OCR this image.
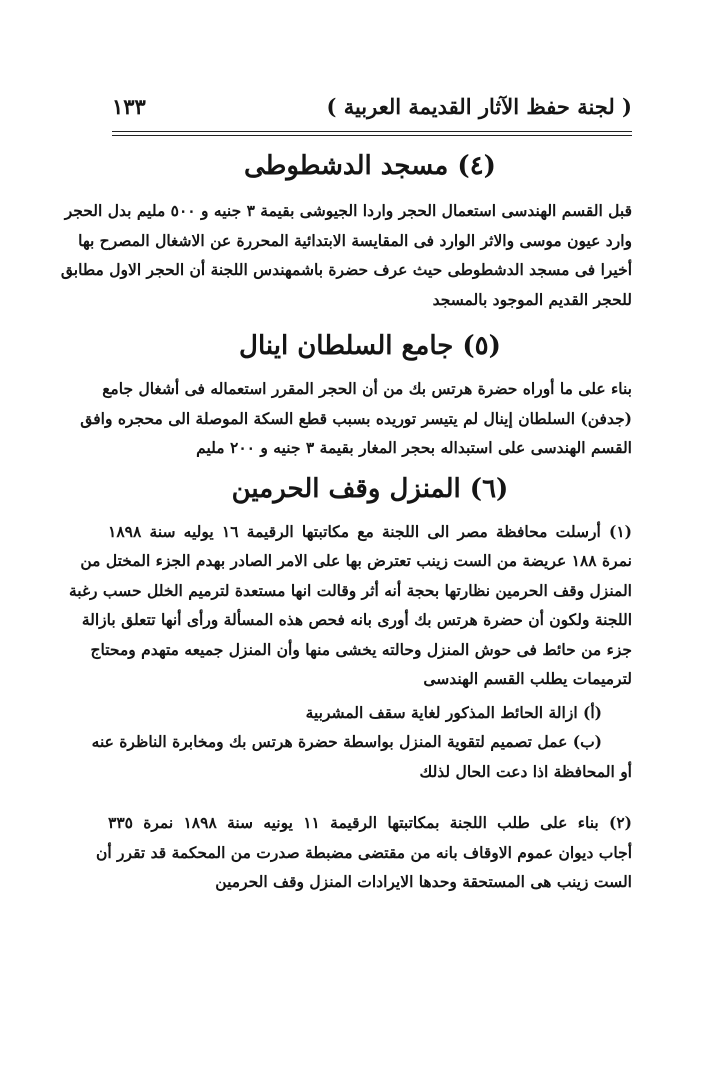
١٣٣	( لجنة حفظ الآثار القديمة العربية )
(٤) مسجد الدشطوطى
قبل القسم الهندسى استعمال الحجر واردا الجيوشى بقيمة ٣ جنيه و ٥٠٠ مليم بدل الحجر
وارد عيون موسى والاثر الوارد فى المقايسة الابتدائية المحررة عن الاشغال المصرح بها
أخيرا فى مسجد الدشطوطى حيث عرف حضرة باشمهندس اللجنة أن الحجر الاول مطابق
للحجر القديم الموجود بالمسجد
(٥) جامع السلطان اينال
بناء على ما أوراه حضرة هرتس بك من أن الحجر المقرر استعماله فى أشغال جامع
(جدفن) السلطان إينال لم يتيسر توريده بسبب قطع السكة الموصلة الى محجره وافق
القسم الهندسى على استبداله بحجر المغار بقيمة ٣ جنيه و ٢٠٠ مليم
(٦) المنزل وقف الحرمين
(١) أرسلت محافظة مصر الى اللجنة مع مكاتبتها الرقيمة ١٦ يوليه سنة ١٨٩٨
نمرة ١٨٨ عريضة من الست زينب تعترض بها على الامر الصادر بهدم الجزء المختل من
المنزل وقف الحرمين نظارتها بحجة أنه أثر وقالت انها مستعدة لترميم الخلل حسب رغبة
اللجنة ولكون أن حضرة هرتس بك أورى بانه فحص هذه المسألة ورأى أنها تتعلق بازالة
جزء من حائط فى حوش المنزل وحالته يخشى منها وأن المنزل جميعه متهدم ومحتاج
لترميمات يطلب القسم الهندسى
(أ) ازالة الحائط المذكور لغاية سقف المشربية
(ب) عمل تصميم لتقوية المنزل بواسطة حضرة هرتس بك ومخابرة الناظرة عنه
أو المحافظة اذا دعت الحال لذلك
(٢) بناء على طلب اللجنة بمكاتبتها الرقيمة ١١ يونيه سنة ١٨٩٨ نمرة ٣٣٥
أجاب ديوان عموم الاوقاف بانه من مقتضى مضبطة صدرت من المحكمة قد تقرر أن
الست زينب هى المستحقة وحدها الايرادات المنزل وقف الحرمين
